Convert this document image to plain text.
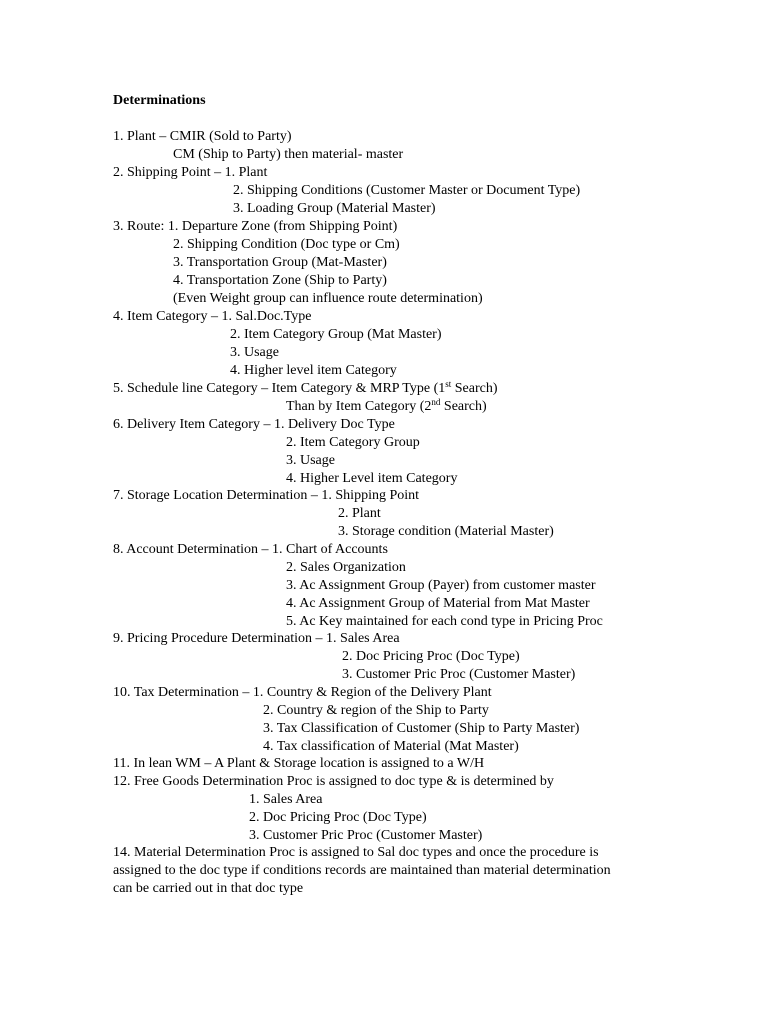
Determinations
1. Plant – CMIR (Sold to Party)
CM (Ship to Party) then material- master
2. Shipping Point – 1. Plant
2. Shipping Conditions (Customer Master or Document Type)
3. Loading Group (Material Master)
3. Route: 1. Departure Zone (from Shipping Point)
2. Shipping Condition (Doc type or Cm)
3. Transportation Group (Mat-Master)
4. Transportation Zone (Ship to Party)
(Even Weight group can influence route determination)
4. Item Category – 1. Sal.Doc.Type
2. Item Category Group (Mat Master)
3. Usage
4. Higher level item Category
5. Schedule line Category – Item Category & MRP Type (1st Search)
Than by Item Category (2nd Search)
6. Delivery Item Category – 1. Delivery Doc Type
2. Item Category Group
3. Usage
4. Higher Level item Category
7. Storage Location Determination – 1. Shipping Point
2. Plant
3. Storage condition (Material Master)
8. Account Determination – 1. Chart of Accounts
2. Sales Organization
3. Ac Assignment Group (Payer) from customer master
4. Ac Assignment Group of Material from Mat Master
5. Ac Key maintained for each cond type in Pricing Proc
9. Pricing Procedure Determination – 1. Sales Area
2. Doc Pricing Proc (Doc Type)
3. Customer Pric Proc (Customer Master)
10. Tax Determination – 1. Country & Region of the Delivery Plant
2. Country & region of the Ship to Party
3. Tax Classification of Customer (Ship to Party Master)
4. Tax classification of Material (Mat Master)
11. In lean WM – A Plant & Storage location is assigned to a W/H
12. Free Goods Determination Proc is assigned to doc type & is determined by
1. Sales Area
2. Doc Pricing Proc (Doc Type)
3. Customer Pric Proc (Customer Master)
14. Material Determination Proc is assigned to Sal doc types and once the procedure is
assigned to the doc type if conditions records are maintained than material determination
can be carried out in that doc type
